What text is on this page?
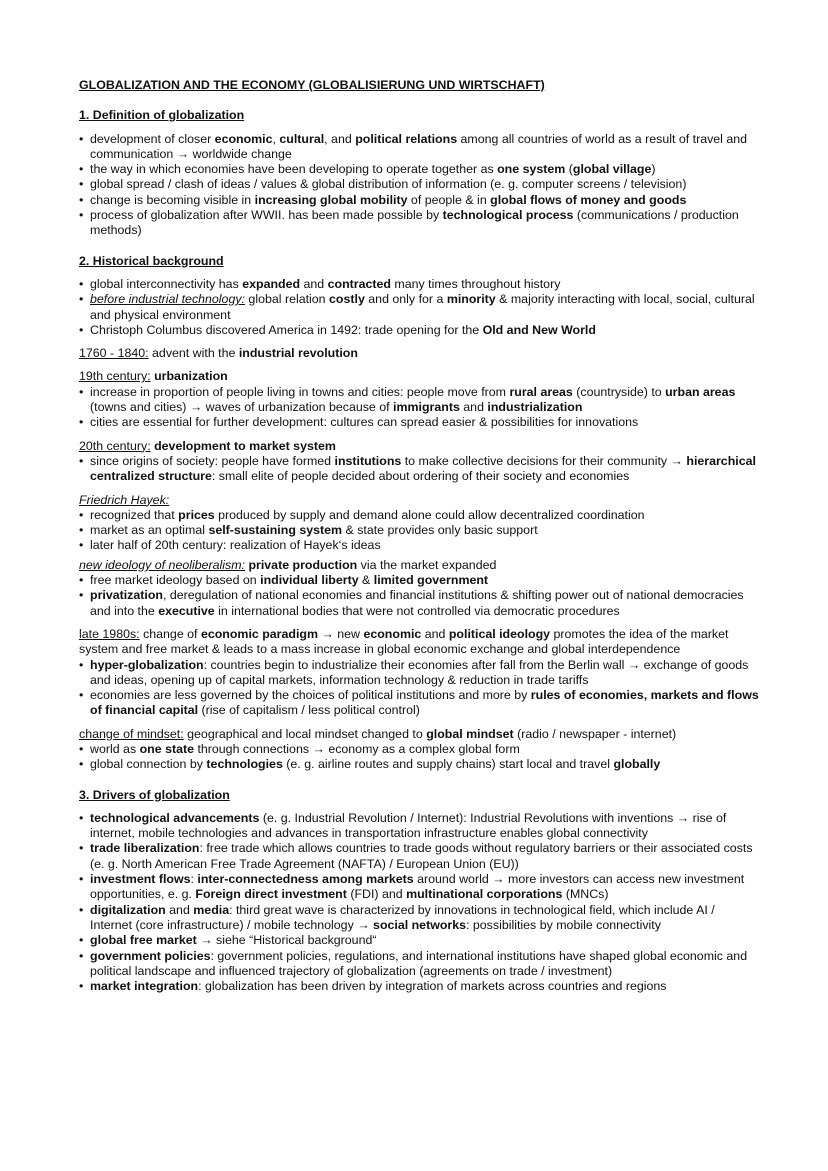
GLOBALIZATION AND THE ECONOMY (GLOBALISIERUNG UND WIRTSCHAFT)
1. Definition of globalization
• development of closer economic, cultural, and political relations among all countries of world as a result of travel and communication → worldwide change
• the way in which economies have been developing to operate together as one system (global village)
• global spread / clash of ideas / values & global distribution of information (e. g. computer screens / television)
• change is becoming visible in increasing global mobility of people & in global flows of money and goods
• process of globalization after WWII. has been made possible by technological process (communications / production methods)
2. Historical background
• global interconnectivity has expanded and contracted many times throughout history
• before industrial technology: global relation costly and only for a minority & majority interacting with local, social, cultural and physical environment
• Christoph Columbus discovered America in 1492: trade opening for the Old and New World
1760 - 1840: advent with the industrial revolution
19th century: urbanization
• increase in proportion of people living in towns and cities: people move from rural areas (countryside) to urban areas (towns and cities) → waves of urbanization because of immigrants and industrialization
• cities are essential for further development: cultures can spread easier & possibilities for innovations
20th century: development to market system
• since origins of society: people have formed institutions to make collective decisions for their community → hierarchical centralized structure: small elite of people decided about ordering of their society and economies
Friedrich Hayek:
• recognized that prices produced by supply and demand alone could allow decentralized coordination
• market as an optimal self-sustaining system & state provides only basic support
• later half of 20th century: realization of Hayek‘s ideas
new ideology of neoliberalism: private production via the market expanded
• free market ideology based on individual liberty & limited government
• privatization, deregulation of national economies and financial institutions & shifting power out of national democracies and into the executive in international bodies that were not controlled via democratic procedures
late 1980s: change of economic paradigm → new economic and political ideology promotes the idea of the market system and free market & leads to a mass increase in global economic exchange and global interdependence
• hyper-globalization: countries begin to industrialize their economies after fall from the Berlin wall → exchange of goods and ideas, opening up of capital markets, information technology & reduction in trade tariffs
• economies are less governed by the choices of political institutions and more by rules of economies, markets and flows of financial capital (rise of capitalism / less political control)
change of mindset: geographical and local mindset changed to global mindset (radio / newspaper - internet)
• world as one state through connections → economy as a complex global form
• global connection by technologies (e. g. airline routes and supply chains) start local and travel globally
3. Drivers of globalization
• technological advancements (e. g. Industrial Revolution / Internet): Industrial Revolutions with inventions → rise of internet, mobile technologies and advances in transportation infrastructure enables global connectivity
• trade liberalization: free trade which allows countries to trade goods without regulatory barriers or their associated costs (e. g. North American Free Trade Agreement (NAFTA) / European Union (EU))
• investment flows: inter-connectedness among markets around world → more investors can access new investment opportunities, e. g. Foreign direct investment (FDI) and multinational corporations (MNCs)
• digitalization and media: third great wave is characterized by innovations in technological field, which include AI / Internet (core infrastructure) / mobile technology → social networks: possibilities by mobile connectivity
• global free market → siehe “Historical background“
• government policies: government policies, regulations, and international institutions have shaped global economic and political landscape and influenced trajectory of globalization (agreements on trade / investment)
• market integration: globalization has been driven by integration of markets across countries and regions
